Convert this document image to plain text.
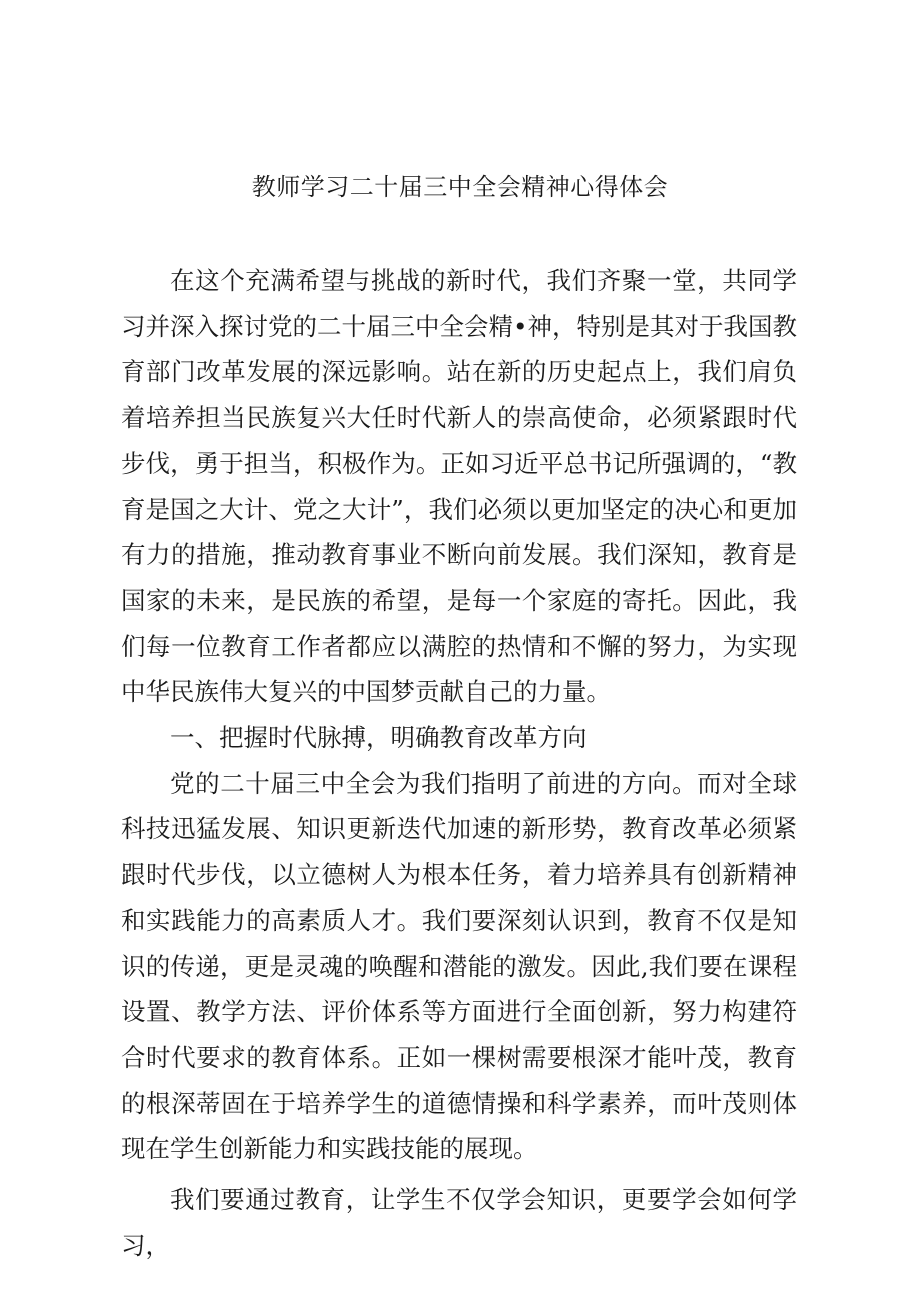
教师学习二十届三中全会精神心得体会

在这个充满希望与挑战的新时代，我们齐聚一堂，共同学习并深入探讨党的二十届三中全会精•神，特别是其对于我国教育部门改革发展的深远影响。站在新的历史起点上，我们肩负着培养担当民族复兴大任时代新人的崇高使命，必须紧跟时代步伐，勇于担当，积极作为。正如习近平总书记所强调的，“教育是国之大计、党之大计”，我们必须以更加坚定的决心和更加有力的措施，推动教育事业不断向前发展。我们深知，教育是国家的未来，是民族的希望，是每一个家庭的寄托。因此，我们每一位教育工作者都应以满腔的热情和不懈的努力，为实现中华民族伟大复兴的中国梦贡献自己的力量。

一、把握时代脉搏，明确教育改革方向

党的二十届三中全会为我们指明了前进的方向。而对全球科技迅猛发展、知识更新迭代加速的新形势，教育改革必须紧跟时代步伐，以立德树人为根本任务，着力培养具有创新精神和实践能力的高素质人才。我们要深刻认识到，教育不仅是知识的传递，更是灵魂的唤醒和潜能的激发。因此,我们要在课程设置、教学方法、评价体系等方面进行全面创新，努力构建符合时代要求的教育体系。正如一棵树需要根深才能叶茂，教育的根深蒂固在于培养学生的道德情操和科学素养，而叶茂则体现在学生创新能力和实践技能的展现。

我们要通过教育，让学生不仅学会知识，更要学会如何学习，
